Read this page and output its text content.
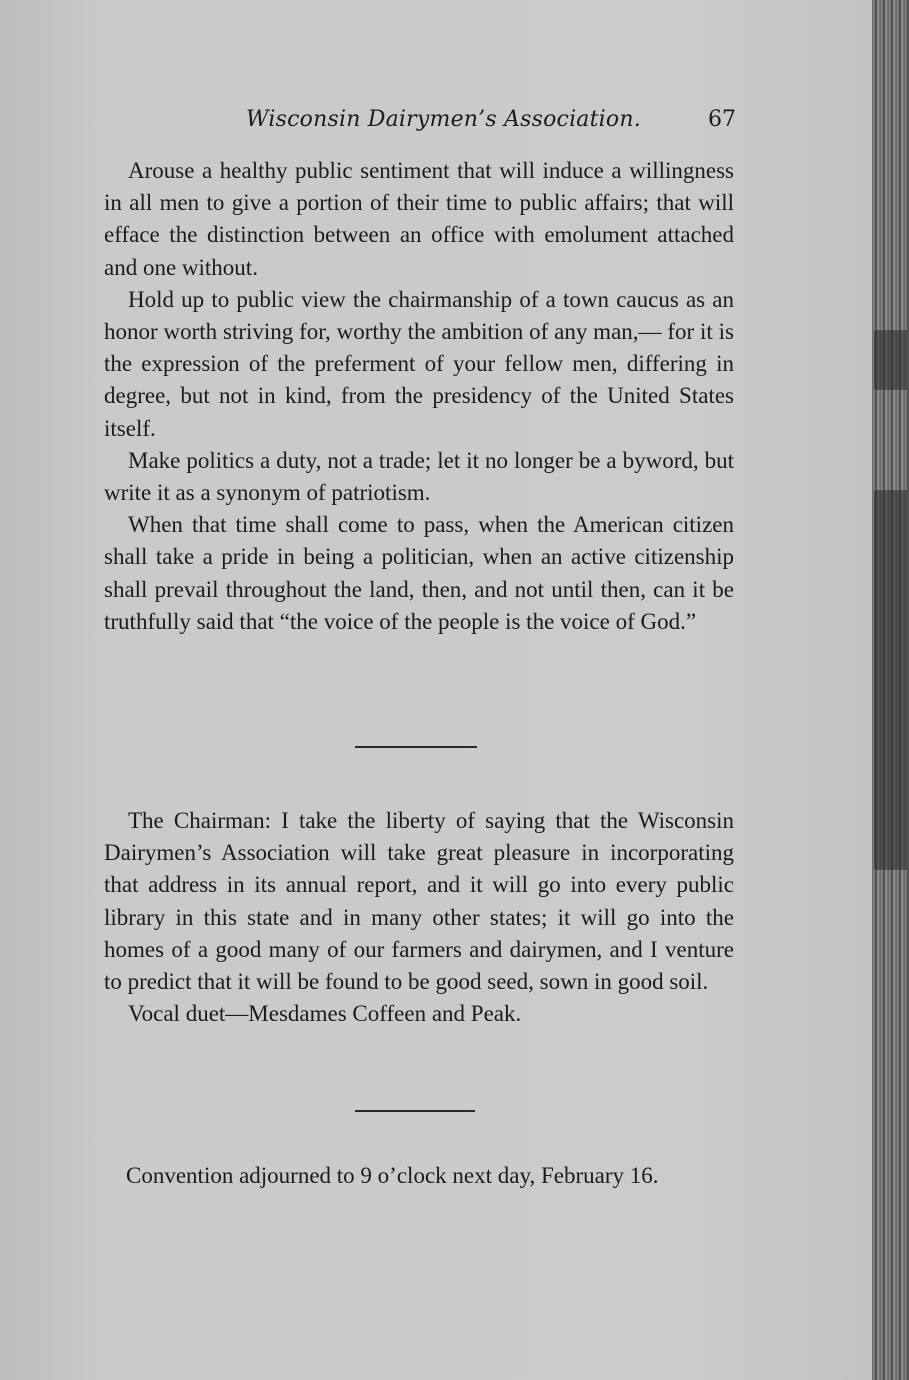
Wisconsin Dairymen’s Association.	67

Arouse a healthy public sentiment that will induce a willingness in all men to give a portion of their time to public affairs; that will efface the distinction between an office with emolument attached and one without.

Hold up to public view the chairmanship of a town caucus as an honor worth striving for, worthy the ambition of any man,— for it is the expression of the preferment of your fellow men, differing in degree, but not in kind, from the presidency of the United States itself.

Make politics a duty, not a trade; let it no longer be a byword, but write it as a synonym of patriotism.

When that time shall come to pass, when the American citizen shall take a pride in being a politician, when an active citizenship shall prevail throughout the land, then, and not until then, can it be truthfully said that “the voice of the people is the voice of God.”

The Chairman: I take the liberty of saying that the Wisconsin Dairymen’s Association will take great pleasure in incorporating that address in its annual report, and it will go into every public library in this state and in many other states; it will go into the homes of a good many of our farmers and dairymen, and I venture to predict that it will be found to be good seed, sown in good soil.

Vocal duet—Mesdames Coffeen and Peak.

Convention adjourned to 9 o’clock next day, February 16.
